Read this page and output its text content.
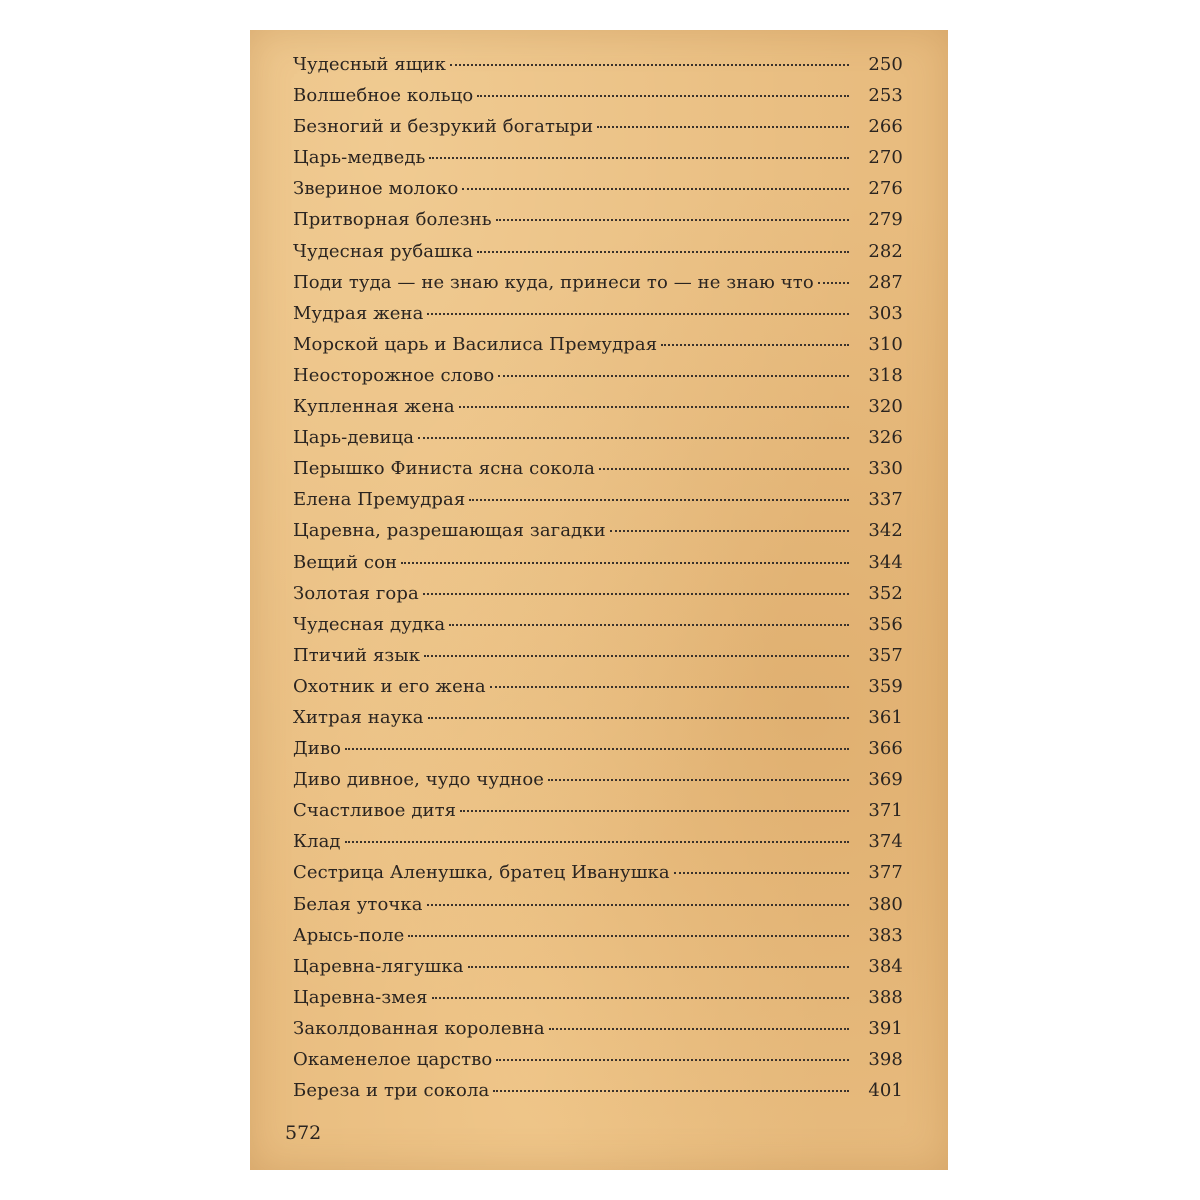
Чудесный ящик	250
Волшебное кольцо	253
Безногий и безрукий богатыри	266
Царь-медведь	270
Звериное молоко	276
Притворная болезнь	279
Чудесная рубашка	282
Поди туда — не знаю куда, принеси то — не знаю что	287
Мудрая жена	303
Морской царь и Василиса Премудрая	310
Неосторожное слово	318
Купленная жена	320
Царь-девица	326
Перышко Финиста ясна сокола	330
Елена Премудрая	337
Царевна, разрешающая загадки	342
Вещий сон	344
Золотая гора	352
Чудесная дудка	356
Птичий язык	357
Охотник и его жена	359
Хитрая наука	361
Диво	366
Диво дивное, чудо чудное	369
Счастливое дитя	371
Клад	374
Сестрица Аленушка, братец Иванушка	377
Белая уточка	380
Арысь-поле	383
Царевна-лягушка	384
Царевна-змея	388
Заколдованная королевна	391
Окаменелое царство	398
Береза и три сокола	401
572
